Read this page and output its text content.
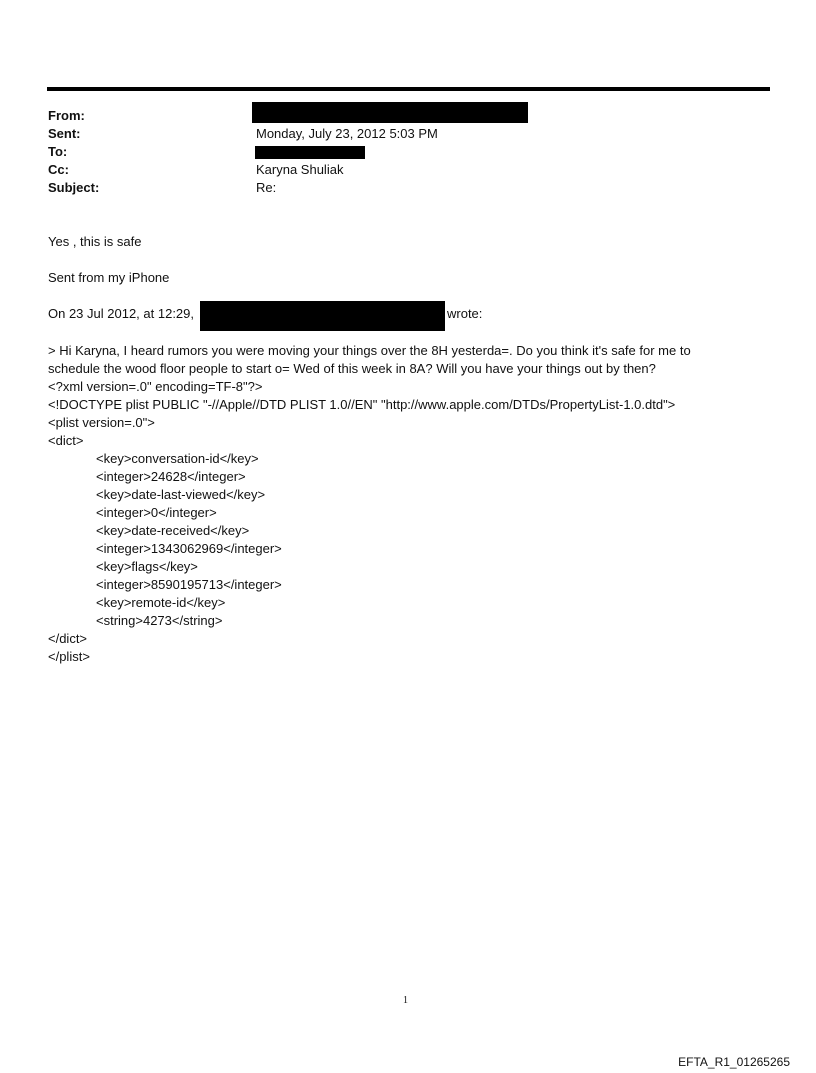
From:
Sent:	Monday, July 23, 2012 5:03 PM
To:
Cc:	Karyna Shuliak
Subject:	Re:
Yes , this is safe
Sent from my iPhone
On 23 Jul 2012, at 12:29,	wrote:
> Hi Karyna, I heard rumors you were moving your things over the 8H yesterda=. Do you think it's safe for me to
schedule the wood floor people to start o= Wed of this week in 8A? Will you have your things out by then?
<?xml version=.0" encoding=TF-8"?>
<!DOCTYPE plist PUBLIC "-//Apple//DTD PLIST 1.0//EN" "http://www.apple.com/DTDs/PropertyList-1.0.dtd">
<plist version=.0">
<dict>
<key>conversation-id</key>
<integer>24628</integer>
<key>date-last-viewed</key>
<integer>0</integer>
<key>date-received</key>
<integer>1343062969</integer>
<key>flags</key>
<integer>8590195713</integer>
<key>remote-id</key>
<string>4273</string>
</dict>
</plist>
1
EFTA_R1_01265265
